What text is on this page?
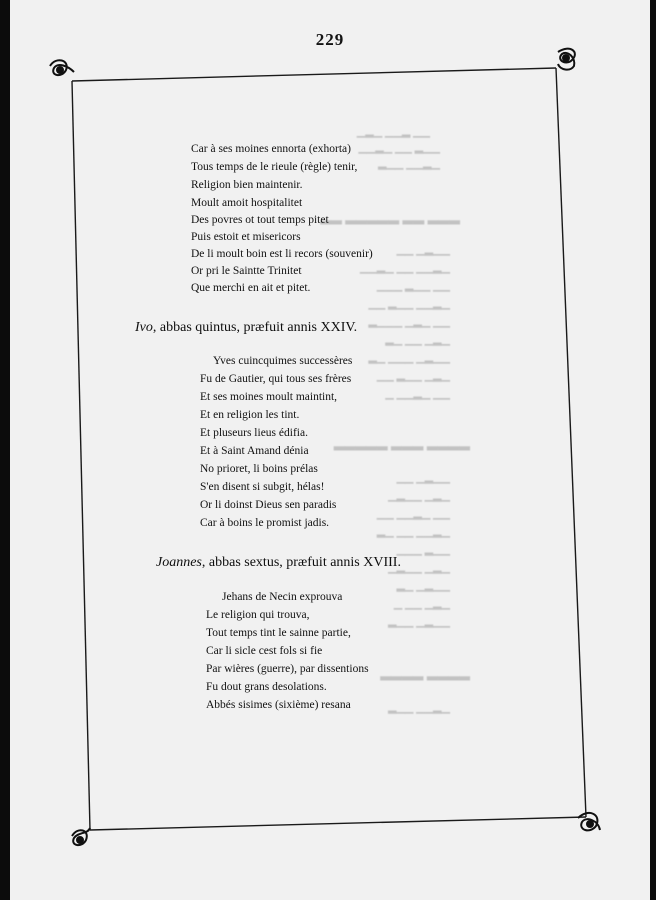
▁▁ ▂▁▁ ▁▂▁
▁▁▂ ▁▁ ▁▂▁▁
▁▂▁▁ ▁▁▂
▂▂▂ ▂▂ ▂▂▂▂▂ ▂▂
▁▁▂▁ ▁▁
▁▂▁▁ ▁▁ ▁▂▁▁
▁▁ ▁▁▂ ▁▁▁
▁▂▁▁ ▁▁▂ ▁▁
▁▁ ▁▂▁ ▁▁▁▂
▁▂▁ ▁▁ ▁▂
▁▁▂▁ ▁▁▁ ▁▂
▁▂▁ ▁▁▂ ▁▁
▁▁ ▁▂▁▁ ▁
▂▂▂▂ ▂▂▂ ▂▂▂▂▂
▁▁▂▁ ▁▁
▁▂▁ ▁▁▂▁
▁▁ ▁▂▁▁ ▁▁
▁▂▁▁ ▁▁ ▁▂
▁▁▂ ▁▁▁
▁▂▁ ▁▁▂▁
▁▁▂▁ ▁▂
▁▂▁ ▁▁ ▁
▁▁▂▁ ▁▁▂
▂▂▂▂ ▂▂▂▂
▁▂▁▁ ▁▁▂
229
Car à ses moines ennorta (exhorta)
Tous temps de le rieule (règle) tenir,
Religion bien maintenir.
Moult amoit hospitalitet
Des povres ot tout temps pitet
Puis estoit et misericors
De li moult boin est li recors (souvenir)
Or pri le Saintte Trinitet
Que merchi en ait et pitet.
Ivo, abbas quintus, præfuit annis XXIV.
Yves cuincquimes successères
Fu de Gautier, qui tous ses frères
Et ses moines moult maintint,
Et en religion les tint.
Et pluseurs lieus édifia.
Et à Saint Amand dénia
No prioret, li boins prélas
S'en disent si subgit, hélas!
Or li doinst Dieus sen paradis
Car à boins le promist jadis.
Joannes, abbas sextus, præfuit annis XVIII.
Jehans de Necin exprouva
Le religion qui trouva,
Tout temps tint le sainne partie,
Car li sicle cest fols si fie
Par wières (guerre), par dissentions
Fu dout grans desolations.
Abbés sisimes (sixième) resana
